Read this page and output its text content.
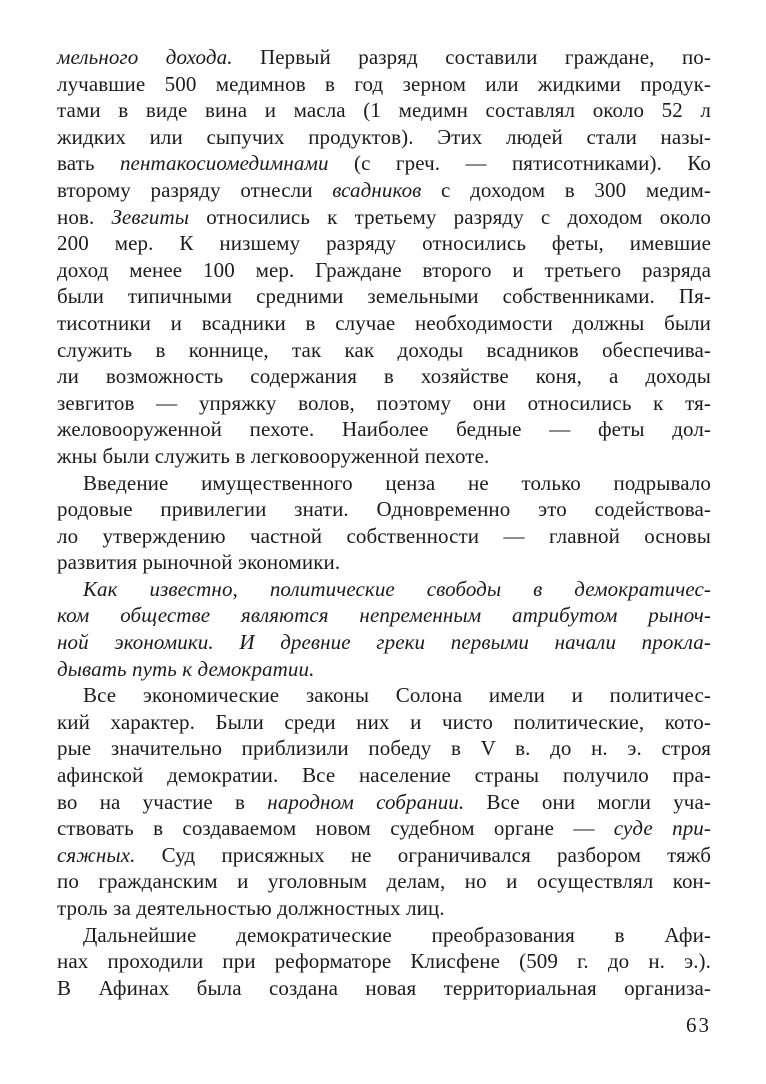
мельного дохода. Первый разряд составили граждане, по-
лучавшие 500 медимнов в год зерном или жидкими продук-
тами в виде вина и масла (1 медимн составлял около 52 л
жидких или сыпучих продуктов). Этих людей стали назы-
вать пентакосиомедимнами (с греч. — пятисотниками). Ко
второму разряду отнесли всадников с доходом в 300 медим-
нов. Зевгиты относились к третьему разряду с доходом около
200 мер. К низшему разряду относились феты, имевшие
доход менее 100 мер. Граждане второго и третьего разряда
были типичными средними земельными собственниками. Пя-
тисотники и всадники в случае необходимости должны были
служить в коннице, так как доходы всадников обеспечива-
ли возможность содержания в хозяйстве коня, а доходы
зевгитов — упряжку волов, поэтому они относились к тя-
желовооруженной пехоте. Наиболее бедные — феты дол-
жны были служить в легковооруженной пехоте.
Введение имущественного ценза не только подрывало
родовые привилегии знати. Одновременно это содействова-
ло утверждению частной собственности — главной основы
развития рыночной экономики.
Как известно, политические свободы в демократичес-
ком обществе являются непременным атрибутом рыноч-
ной экономики. И древние греки первыми начали прокла-
дывать путь к демократии.
Все экономические законы Солона имели и политичес-
кий характер. Были среди них и чисто политические, кото-
рые значительно приблизили победу в V в. до н. э. строя
афинской демократии. Все население страны получило пра-
во на участие в народном собрании. Все они могли уча-
ствовать в создаваемом новом судебном органе — суде при-
сяжных. Суд присяжных не ограничивался разбором тяжб
по гражданским и уголовным делам, но и осуществлял кон-
троль за деятельностью должностных лиц.
Дальнейшие демократические преобразования в Афи-
нах проходили при реформаторе Клисфене (509 г. до н. э.).
В Афинах была создана новая территориальная организа-
63
